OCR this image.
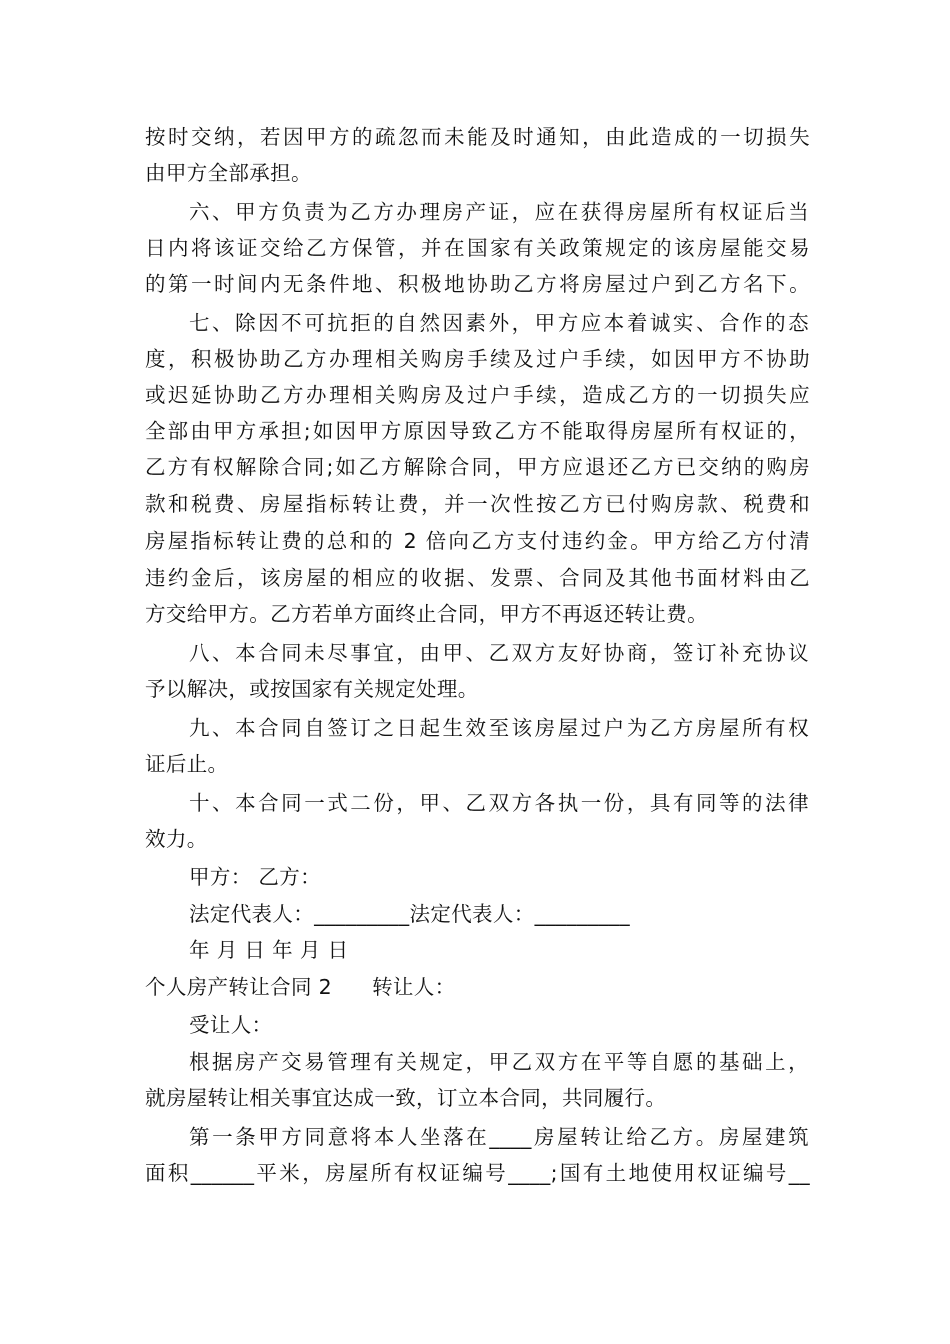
按时交纳，若因甲方的疏忽而未能及时通知，由此造成的一切损失
由甲方全部承担。
六、甲方负责为乙方办理房产证，应在获得房屋所有权证后当
日内将该证交给乙方保管，并在国家有关政策规定的该房屋能交易
的第一时间内无条件地、积极地协助乙方将房屋过户到乙方名下。
七、除因不可抗拒的自然因素外，甲方应本着诚实、合作的态
度，积极协助乙方办理相关购房手续及过户手续，如因甲方不协助
或迟延协助乙方办理相关购房及过户手续，造成乙方的一切损失应
全部由甲方承担;如因甲方原因导致乙方不能取得房屋所有权证的，
乙方有权解除合同;如乙方解除合同，甲方应退还乙方已交纳的购房
款和税费、房屋指标转让费，并一次性按乙方已付购房款、税费和
房屋指标转让费的总和的 2 倍向乙方支付违约金。甲方给乙方付清
违约金后，该房屋的相应的收据、发票、合同及其他书面材料由乙
方交给甲方。乙方若单方面终止合同，甲方不再返还转让费。
八、本合同未尽事宜，由甲、乙双方友好协商，签订补充协议
予以解决，或按国家有关规定处理。
九、本合同自签订之日起生效至该房屋过户为乙方房屋所有权
证后止。
十、本合同一式二份，甲、乙双方各执一份，具有同等的法律
效力。
甲方： 乙方：
法定代表人：_________法定代表人：_________
年 月 日 年 月 日
个人房产转让合同 2 转让人：
受让人：
根据房产交易管理有关规定，甲乙双方在平等自愿的基础上，
就房屋转让相关事宜达成一致，订立本合同，共同履行。
第一条甲方同意将本人坐落在____房屋转让给乙方。房屋建筑
面积______平米，房屋所有权证编号____;国有土地使用权证编号__
